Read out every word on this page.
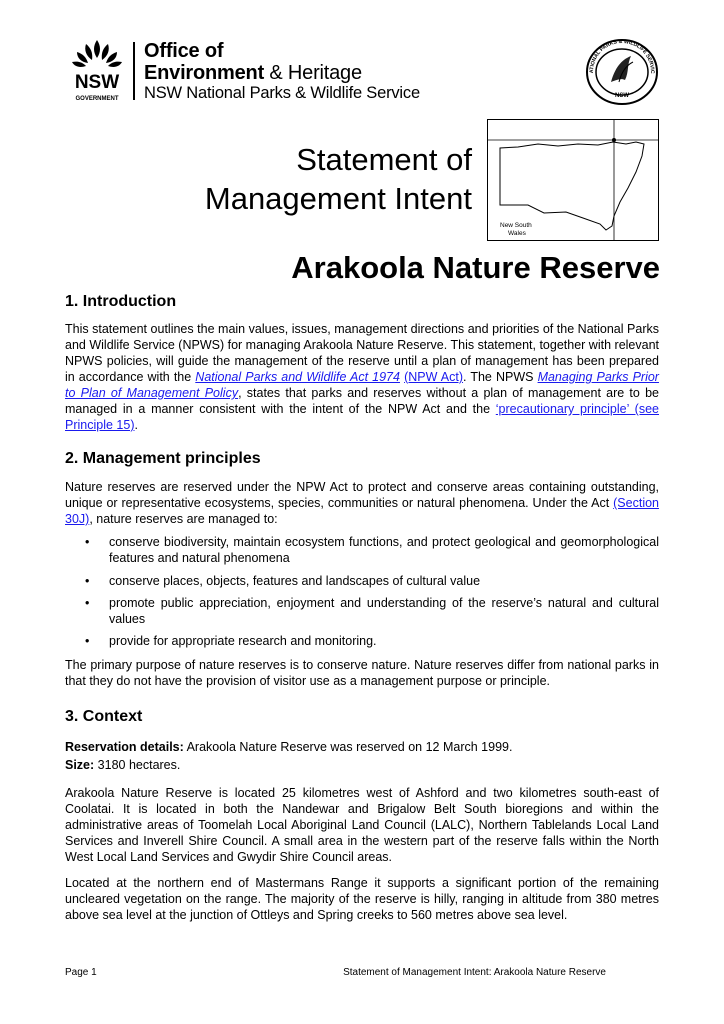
NSW
GOVERNMENT
Office of
Environment & Heritage
NSW National Parks & Wildlife Service
ATIONAL PARKS & WILDLIFE SERVIC
NSW
New South
Wales
Statement of
Management Intent
Arakoola Nature Reserve
1. Introduction

This statement outlines the main values, issues, management directions and priorities of the National Parks and Wildlife Service (NPWS) for managing Arakoola Nature Reserve. This statement, together with relevant NPWS policies, will guide the management of the reserve until a plan of management has been prepared in accordance with the National Parks and Wildlife Act 1974 (NPW Act). The NPWS Managing Parks Prior to Plan of Management Policy, states that parks and reserves without a plan of management are to be managed in a manner consistent with the intent of the NPW Act and the ‘precautionary principle’ (see Principle 15).

2. Management principles

Nature reserves are reserved under the NPW Act to protect and conserve areas containing outstanding, unique or representative ecosystems, species, communities or natural phenomena. Under the Act (Section 30J), nature reserves are managed to:

• conserve biodiversity, maintain ecosystem functions, and protect geological and geomorphological features and natural phenomena
• conserve places, objects, features and landscapes of cultural value
• promote public appreciation, enjoyment and understanding of the reserve’s natural and cultural values
• provide for appropriate research and monitoring.

The primary purpose of nature reserves is to conserve nature. Nature reserves differ from national parks in that they do not have the provision of visitor use as a management purpose or principle.

3. Context

Reservation details: Arakoola Nature Reserve was reserved on 12 March 1999.

Size: 3180 hectares.

Arakoola Nature Reserve is located 25 kilometres west of Ashford and two kilometres south-east of Coolatai. It is located in both the Nandewar and Brigalow Belt South bioregions and within the administrative areas of Toomelah Local Aboriginal Land Council (LALC), Northern Tablelands Local Land Services and Inverell Shire Council. A small area in the western part of the reserve falls within the North West Local Land Services and Gwydir Shire Council areas.

Located at the northern end of Mastermans Range it supports a significant portion of the remaining uncleared vegetation on the range. The majority of the reserve is hilly, ranging in altitude from 380 metres above sea level at the junction of Ottleys and Spring creeks to 560 metres above sea level.

Page 1	Statement of Management Intent: Arakoola Nature Reserve
